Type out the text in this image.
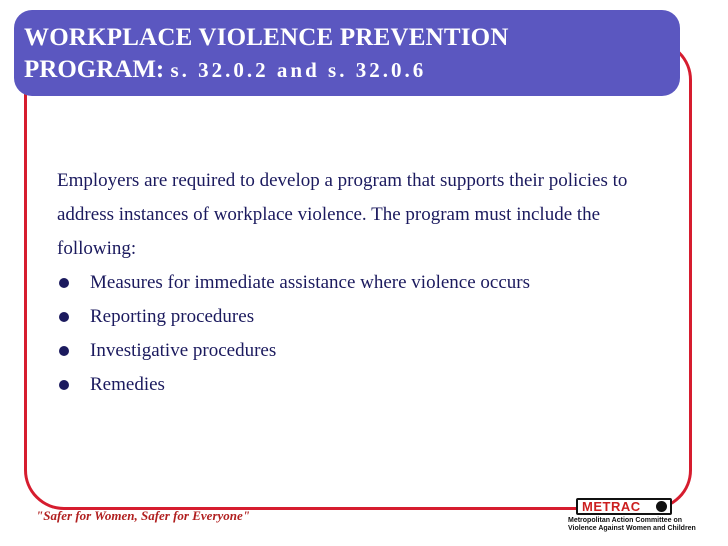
WORKPLACE VIOLENCE PREVENTION
PROGRAM: s. 32.0.2 and s. 32.0.6

Employers are required to develop a program that supports their policies to address instances of workplace violence. The program must include the following:

Measures for immediate assistance where violence occurs
Reporting procedures
Investigative procedures
Remedies
"Safer for Women, Safer for Everyone"
METRAC
Metropolitan Action Committee on
Violence Against Women and Children
